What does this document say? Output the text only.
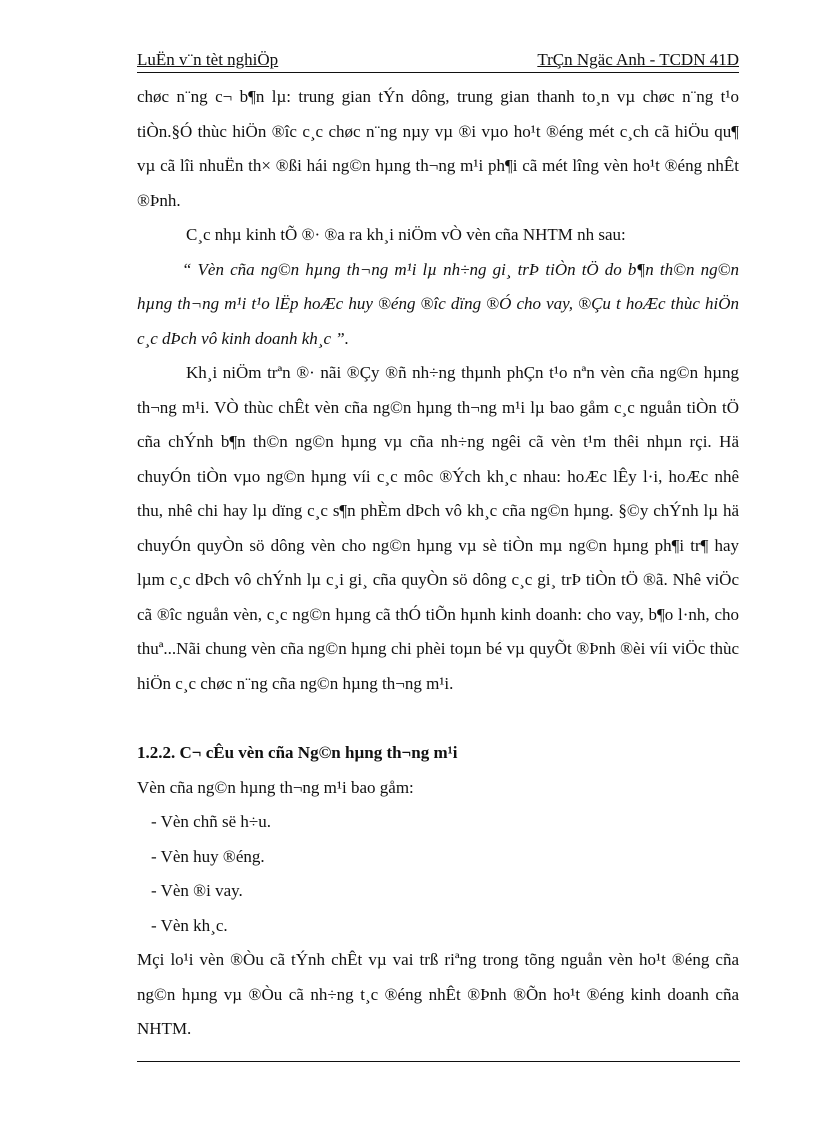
LuËn v¨n tèt nghiÖp	TrÇn Ngäc Anh - TCDN 41D

chøc n¨ng c¬ b¶n lµ: trung gian tÝn dông, trung gian thanh to¸n vµ chøc n¨ng t¹o tiÒn.§Ó thùc hiÖn ®îc c¸c chøc n¨ng nµy vµ ®i vµo ho¹t ®éng mét c¸ch cã hiÖu qu¶ vµ cã lîi nhuËn th× ®ßi hái ng©n hµng th¬ng m¹i ph¶i cã mét lîng vèn ho¹t ®éng nhÊt ®Þnh.

C¸c nhµ kinh tÕ ®· ®a ra kh¸i niÖm vÒ vèn cña NHTM nh sau:

“ Vèn cña ng©n hµng th¬ng m¹i lµ nh÷ng gi¸ trÞ tiÒn tÖ do b¶n th©n ng©n hµng th¬ng m¹i t¹o lËp hoÆc huy ®éng ®îc dïng ®Ó cho vay, ®Çu t hoÆc thùc hiÖn c¸c dÞch vô kinh doanh kh¸c ”.

Kh¸i niÖm trªn ®· nãi ®Çy ®ñ nh÷ng thµnh phÇn t¹o nªn vèn cña ng©n hµng th¬ng m¹i. VÒ thùc chÊt vèn cña ng©n hµng th¬ng m¹i lµ bao gåm c¸c nguån tiÒn tÖ cña chÝnh b¶n th©n ng©n hµng vµ cña nh÷ng ngêi cã vèn t¹m thêi nhµn rçi. Hä chuyÓn tiÒn vµo ng©n hµng víi c¸c môc ®Ých kh¸c nhau: hoÆc lÊy l·i, hoÆc nhê thu, nhê chi hay lµ dïng c¸c s¶n phÈm dÞch vô kh¸c cña ng©n hµng. §©y chÝnh lµ hä chuyÓn quyÒn sö dông vèn cho ng©n hµng vµ sè tiÒn mµ ng©n hµng ph¶i tr¶ hay lµm c¸c dÞch vô chÝnh lµ c¸i gi¸ cña quyÒn sö dông c¸c gi¸ trÞ tiÒn tÖ ®ã. Nhê viÖc cã ®îc nguån vèn, c¸c ng©n hµng cã thÓ tiÕn hµnh kinh doanh: cho vay, b¶o l·nh, cho thuª...Nãi chung vèn cña ng©n hµng chi phèi toµn bé vµ quyÕt ®Þnh ®èi víi viÖc thùc hiÖn c¸c chøc n¨ng cña ng©n hµng th¬ng m¹i.

1.2.2. C¬ cÊu vèn cña Ng©n hµng th¬ng m¹i

Vèn cña ng©n hµng th¬ng m¹i bao gåm:

- Vèn chñ së h÷u.
- Vèn huy ®éng.
- Vèn ®i vay.
- Vèn kh¸c.

Mçi lo¹i vèn ®Òu cã tÝnh chÊt vµ vai trß riªng trong tõng nguån vèn ho¹t ®éng cña ng©n hµng vµ ®Òu cã nh÷ng t¸c ®éng nhÊt ®Þnh ®Õn ho¹t ®éng kinh doanh cña NHTM.
